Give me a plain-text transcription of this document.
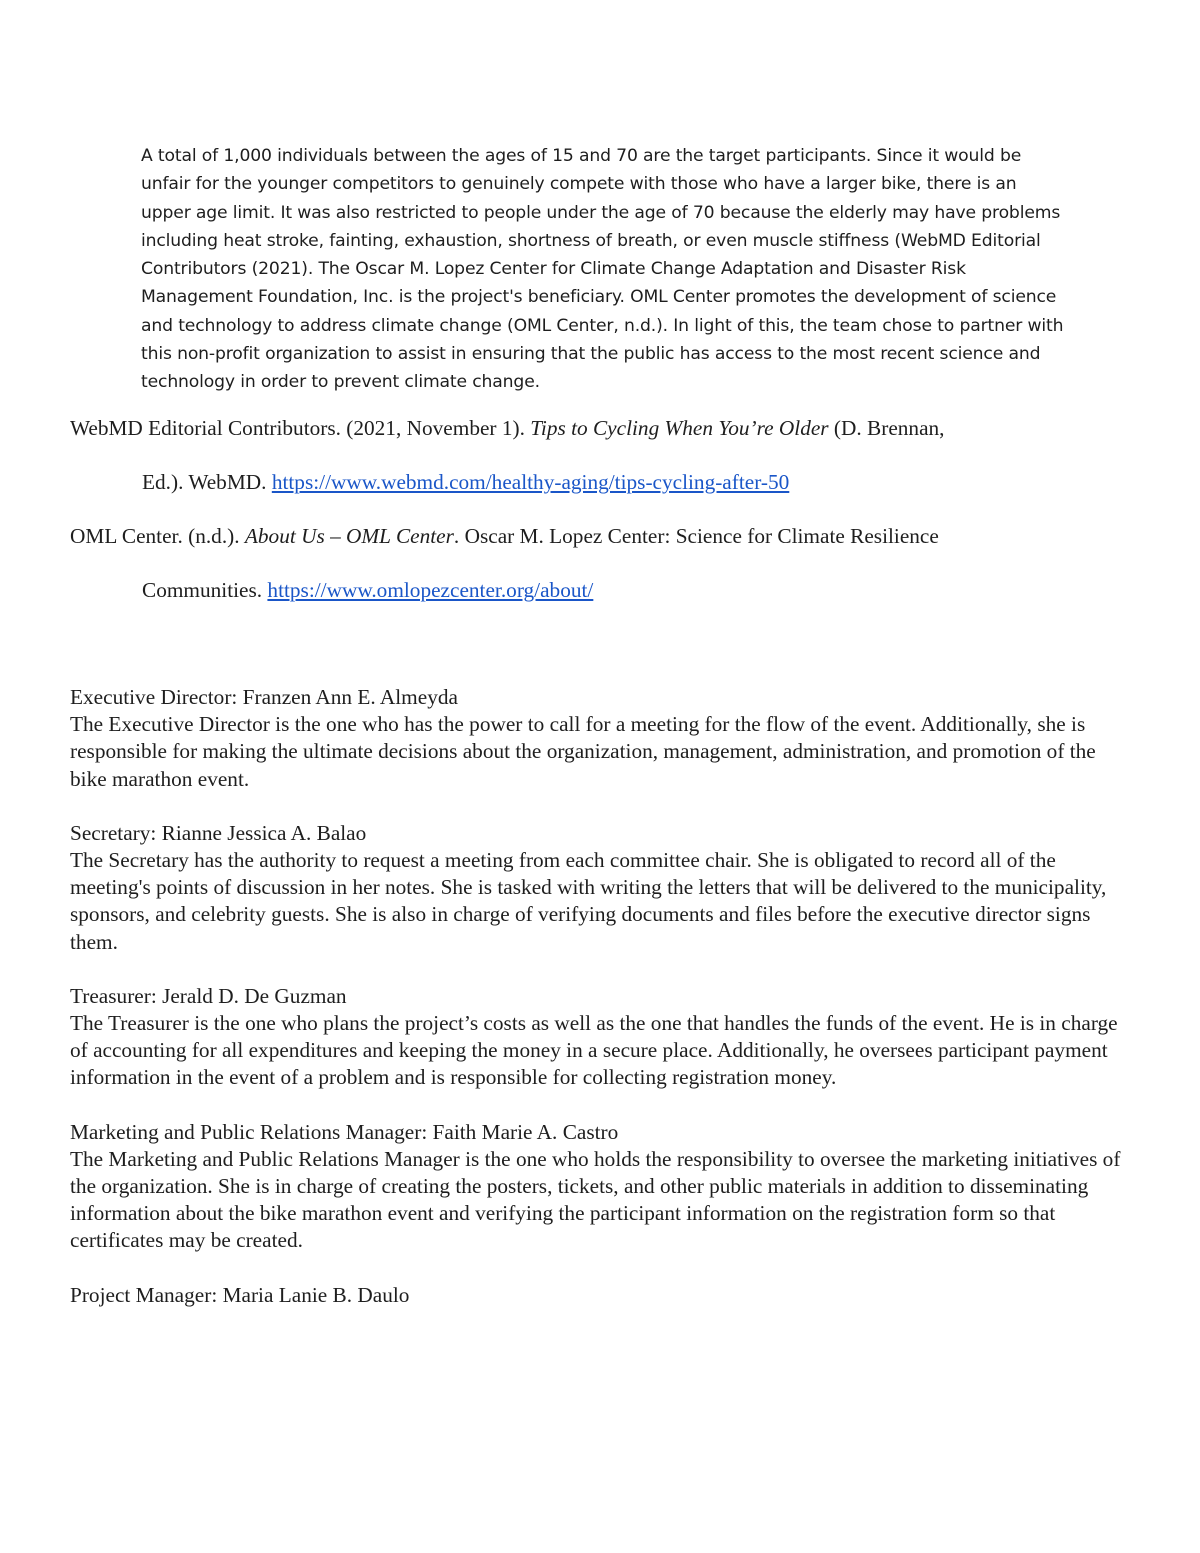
A total of 1,000 individuals between the ages of 15 and 70 are the target participants. Since it would be unfair for the younger competitors to genuinely compete with those who have a larger bike, there is an upper age limit. It was also restricted to people under the age of 70 because the elderly may have problems including heat stroke, fainting, exhaustion, shortness of breath, or even muscle stiffness (WebMD Editorial Contributors (2021). The Oscar M. Lopez Center for Climate Change Adaptation and Disaster Risk Management Foundation, Inc. is the project's beneficiary. OML Center promotes the development of science and technology to address climate change (OML Center, n.d.). In light of this, the team chose to partner with this non-profit organization to assist in ensuring that the public has access to the most recent science and technology in order to prevent climate change.

WebMD Editorial Contributors. (2021, November 1). Tips to Cycling When You’re Older (D. Brennan,
Ed.). WebMD. https://www.webmd.com/healthy-aging/tips-cycling-after-50
OML Center. (n.d.). About Us – OML Center. Oscar M. Lopez Center: Science for Climate Resilience
Communities. https://www.omlopezcenter.org/about/

Executive Director: Franzen Ann E. Almeyda

The Executive Director is the one who has the power to call for a meeting for the flow of the event. Additionally, she is responsible for making the ultimate decisions about the organization, management, administration, and promotion of the bike marathon event.

Secretary: Rianne Jessica A. Balao

The Secretary has the authority to request a meeting from each committee chair. She is obligated to record all of the meeting's points of discussion in her notes. She is tasked with writing the letters that will be delivered to the municipality, sponsors, and celebrity guests. She is also in charge of verifying documents and files before the executive director signs them.

Treasurer: Jerald D. De Guzman

The Treasurer is the one who plans the project’s costs as well as the one that handles the funds of the event. He is in charge of accounting for all expenditures and keeping the money in a secure place. Additionally, he oversees participant payment information in the event of a problem and is responsible for collecting registration money.

Marketing and Public Relations Manager: Faith Marie A. Castro

The Marketing and Public Relations Manager is the one who holds the responsibility to oversee the marketing initiatives of the organization. She is in charge of creating the posters, tickets, and other public materials in addition to disseminating information about the bike marathon event and verifying the participant information on the registration form so that certificates may be created.

Project Manager: Maria Lanie B. Daulo
